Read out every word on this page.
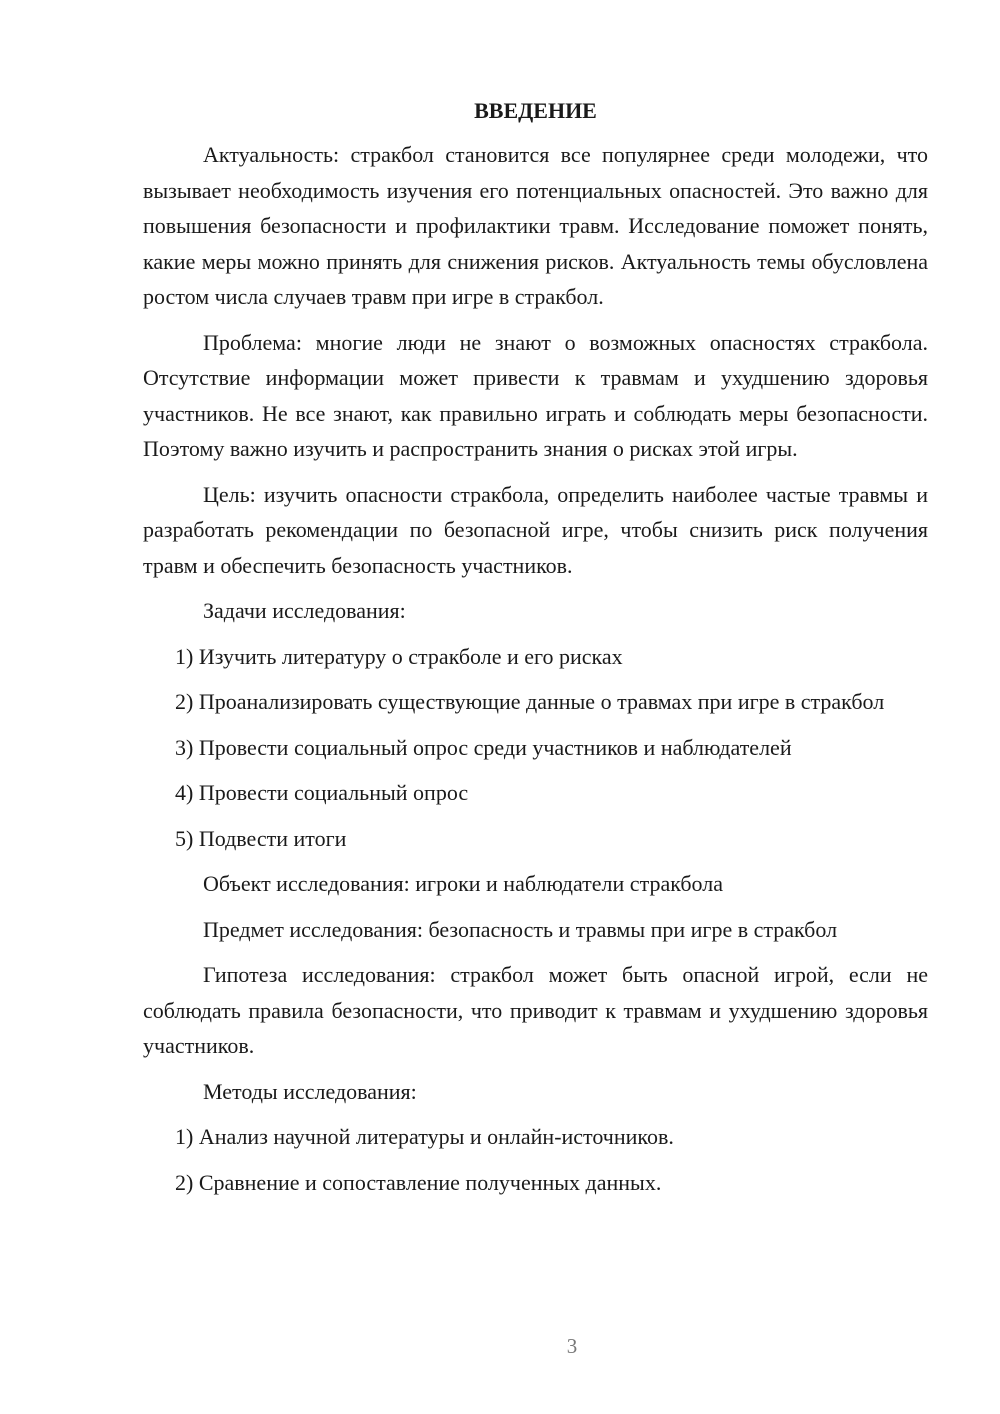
ВВЕДЕНИЕ

Актуальность: стракбол становится все популярнее среди молодежи, что вызывает необходимость изучения его потенциальных опасностей. Это важно для повышения безопасности и профилактики травм. Исследование поможет понять, какие меры можно принять для снижения рисков. Актуальность темы обусловлена ростом числа случаев травм при игре в стракбол.

Проблема: многие люди не знают о возможных опасностях стракбола. Отсутствие информации может привести к травмам и ухудшению здоровья участников. Не все знают, как правильно играть и соблюдать меры безопасности. Поэтому важно изучить и распространить знания о рисках этой игры.

Цель: изучить опасности стракбола, определить наиболее частые травмы и разработать рекомендации по безопасной игре, чтобы снизить риск получения травм и обеспечить безопасность участников.

Задачи исследования:

1) Изучить литературу о стракболе и его рисках

2) Проанализировать существующие данные о травмах при игре в стракбол

3) Провести социальный опрос среди участников и наблюдателей

4) Провести социальный опрос

5) Подвести итоги

Объект исследования: игроки и наблюдатели стракбола

Предмет исследования: безопасность и травмы при игре в стракбол

Гипотеза исследования: стракбол может быть опасной игрой, если не соблюдать правила безопасности, что приводит к травмам и ухудшению здоровья участников.

Методы исследования:

1) Анализ научной литературы и онлайн-источников.

2) Сравнение и сопоставление полученных данных.

3
